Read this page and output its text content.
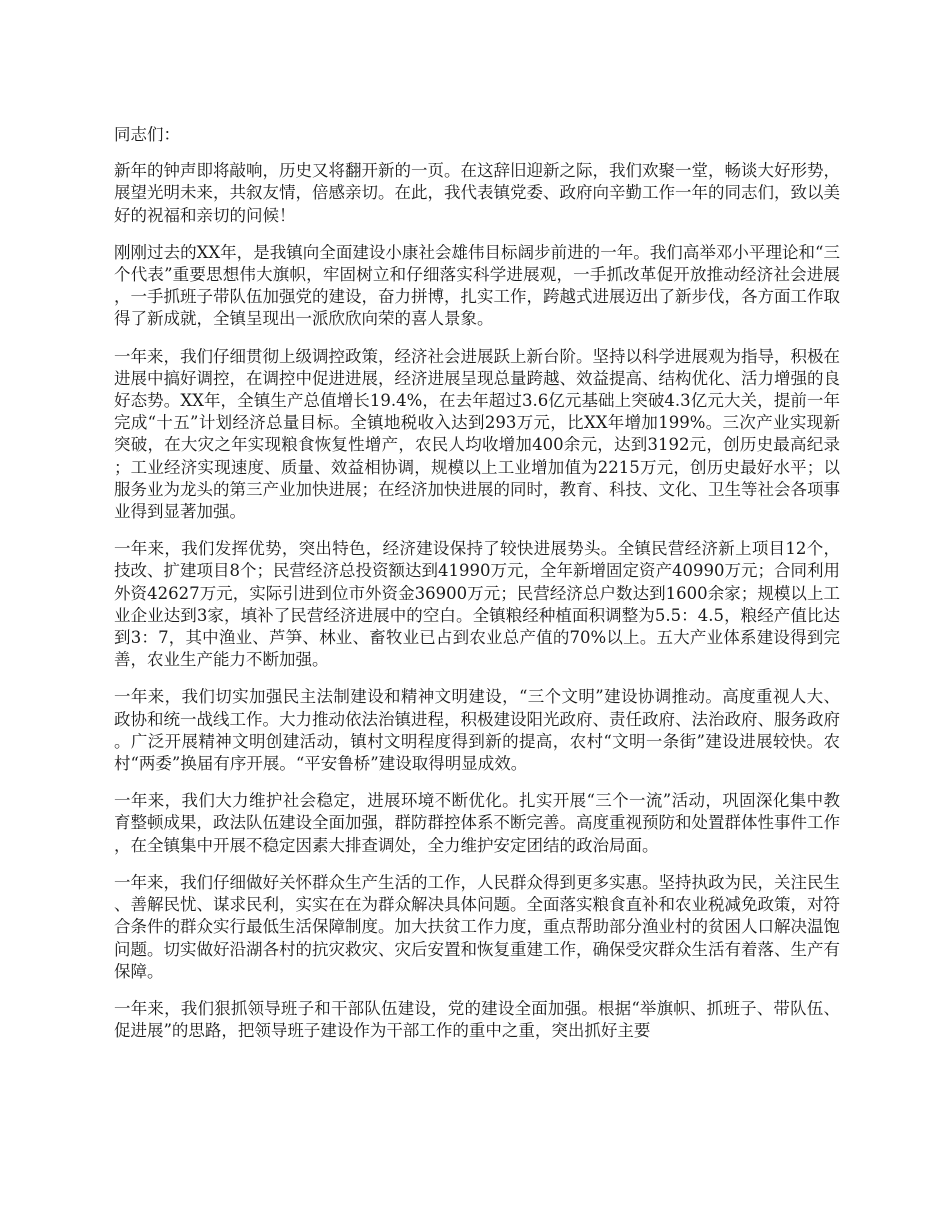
同志们：

新年的钟声即将敲响，历史又将翻开新的一页。在这辞旧迎新之际，我们欢聚一堂，畅谈大好形势，展望光明未来，共叙友情，倍感亲切。在此，我代表镇党委、政府向辛勤工作一年的同志们，致以美好的祝福和亲切的问候！

刚刚过去的XX年，是我镇向全面建设小康社会雄伟目标阔步前进的一年。我们高举邓小平理论和“三个代表”重要思想伟大旗帜，牢固树立和仔细落实科学进展观，一手抓改革促开放推动经济社会进展，一手抓班子带队伍加强党的建设，奋力拼博，扎实工作，跨越式进展迈出了新步伐，各方面工作取得了新成就，全镇呈现出一派欣欣向荣的喜人景象。

一年来，我们仔细贯彻上级调控政策，经济社会进展跃上新台阶。坚持以科学进展观为指导，积极在进展中搞好调控，在调控中促进进展，经济进展呈现总量跨越、效益提高、结构优化、活力增强的良好态势。XX年，全镇生产总值增长19.4%，在去年超过3.6亿元基础上突破4.3亿元大关，提前一年完成“十五”计划经济总量目标。全镇地税收入达到293万元，比XX年增加199%。三次产业实现新突破，在大灾之年实现粮食恢复性增产，农民人均收增加400余元，达到3192元，创历史最高纪录；工业经济实现速度、质量、效益相协调，规模以上工业增加值为2215万元，创历史最好水平；以服务业为龙头的第三产业加快进展；在经济加快进展的同时，教育、科技、文化、卫生等社会各项事业得到显著加强。

一年来，我们发挥优势，突出特色，经济建设保持了较快进展势头。全镇民营经济新上项目12个，技改、扩建项目8个；民营经济总投资额达到41990万元，全年新增固定资产40990万元；合同利用外资42627万元，实际引进到位市外资金36900万元；民营经济总户数达到1600余家；规模以上工业企业达到3家，填补了民营经济进展中的空白。全镇粮经种植面积调整为5.5：4.5，粮经产值比达到3：7，其中渔业、芦笋、林业、畜牧业已占到农业总产值的70%以上。五大产业体系建设得到完善，农业生产能力不断加强。

一年来，我们切实加强民主法制建设和精神文明建设，“三个文明”建设协调推动。高度重视人大、政协和统一战线工作。大力推动依法治镇进程，积极建设阳光政府、责任政府、法治政府、服务政府。广泛开展精神文明创建活动，镇村文明程度得到新的提高，农村“文明一条街”建设进展较快。农村“两委”换届有序开展。“平安鲁桥”建设取得明显成效。

一年来，我们大力维护社会稳定，进展环境不断优化。扎实开展“三个一流”活动，巩固深化集中教育整顿成果，政法队伍建设全面加强，群防群控体系不断完善。高度重视预防和处置群体性事件工作，在全镇集中开展不稳定因素大排查调处，全力维护安定团结的政治局面。

一年来，我们仔细做好关怀群众生产生活的工作，人民群众得到更多实惠。坚持执政为民，关注民生、善解民忧、谋求民利，实实在在为群众解决具体问题。全面落实粮食直补和农业税减免政策，对符合条件的群众实行最低生活保障制度。加大扶贫工作力度，重点帮助部分渔业村的贫困人口解决温饱问题。切实做好沿湖各村的抗灾救灾、灾后安置和恢复重建工作，确保受灾群众生活有着落、生产有保障。

一年来，我们狠抓领导班子和干部队伍建设，党的建设全面加强。根据“举旗帜、抓班子、带队伍、促进展”的思路，把领导班子建设作为干部工作的重中之重，突出抓好主要
